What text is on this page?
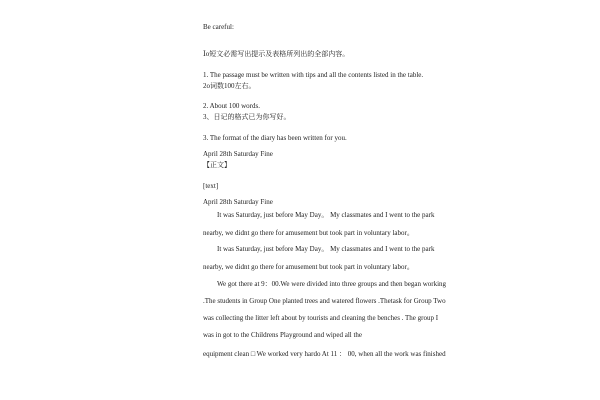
Be careful:
Ⅰo短文必需写出提示及表格所列出的全部内容。
1. The passage must be written with tips and all the contents listed in the table.
2o词数100左右。
2. About 100 words.
3、日记的格式已为你写好。
3. The format of the diary has been written for you.
April 28th Saturday Fine
【正文】
[text]
April 28th Saturday Fine
It was Saturday, just before May Day。 My classmates and I went to the park
nearby, we didnt go there for amusement but took part in voluntary labor。
It was Saturday, just before May Day。 My classmates and I went to the park
nearby, we didnt go there for amusement but took part in voluntary labor。
We got there at 9：00.We were divided into three groups and then began working
.The students in Group One planted trees and watered flowers .Thetask for Group Two
was collecting the litter left about by tourists and cleaning the benches . The group I
was in got to the Childrens Playground and wiped all the
equipment clean □ We worked very hardo At 11 ： 00, when all the work was finished
